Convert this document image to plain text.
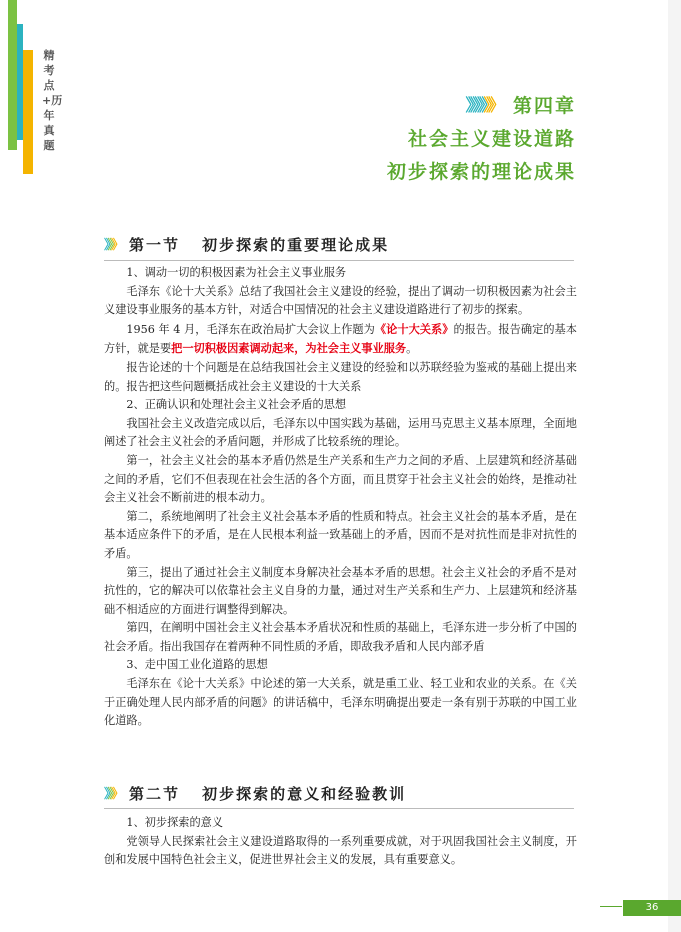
精考点+历年真题
》》》》》》 第四章
社会主义建设道路
初步探索的理论成果
》》》 第一节 初步探索的重要理论成果

1、调动一切的积极因素为社会主义事业服务

毛泽东《论十大关系》总结了我国社会主义建设的经验，提出了调动一切积极因素为社会主义建设事业服务的基本方针，对适合中国情况的社会主义建设道路进行了初步的探索。

1956 年 4 月，毛泽东在政治局扩大会议上作题为《论十大关系》的报告。报告确定的基本方针，就是要把一切积极因素调动起来，为社会主义事业服务。

报告论述的十个问题是在总结我国社会主义建设的经验和以苏联经验为鉴戒的基础上提出来的。报告把这些问题概括成社会主义建设的十大关系

2、正确认识和处理社会主义社会矛盾的思想

我国社会主义改造完成以后，毛泽东以中国实践为基础，运用马克思主义基本原理，全面地阐述了社会主义社会的矛盾问题，并形成了比较系统的理论。

第一，社会主义社会的基本矛盾仍然是生产关系和生产力之间的矛盾、上层建筑和经济基础之间的矛盾，它们不但表现在社会生活的各个方面，而且贯穿于社会主义社会的始终，是推动社会主义社会不断前进的根本动力。

第二，系统地阐明了社会主义社会基本矛盾的性质和特点。社会主义社会的基本矛盾，是在基本适应条件下的矛盾，是在人民根本利益一致基础上的矛盾，因而不是对抗性而是非对抗性的矛盾。

第三，提出了通过社会主义制度本身解决社会基本矛盾的思想。社会主义社会的矛盾不是对抗性的，它的解决可以依靠社会主义自身的力量，通过对生产关系和生产力、上层建筑和经济基础不相适应的方面进行调整得到解决。

第四，在阐明中国社会主义社会基本矛盾状况和性质的基础上，毛泽东进一步分析了中国的社会矛盾。指出我国存在着两种不同性质的矛盾，即敌我矛盾和人民内部矛盾

3、走中国工业化道路的思想

毛泽东在《论十大关系》中论述的第一大关系，就是重工业、轻工业和农业的关系。在《关于正确处理人民内部矛盾的问题》的讲话稿中，毛泽东明确提出要走一条有别于苏联的中国工业化道路。

》》》 第二节 初步探索的意义和经验教训

1、初步探索的意义

党领导人民探索社会主义建设道路取得的一系列重要成就，对于巩固我国社会主义制度，开创和发展中国特色社会主义，促进世界社会主义的发展，具有重要意义。

36
